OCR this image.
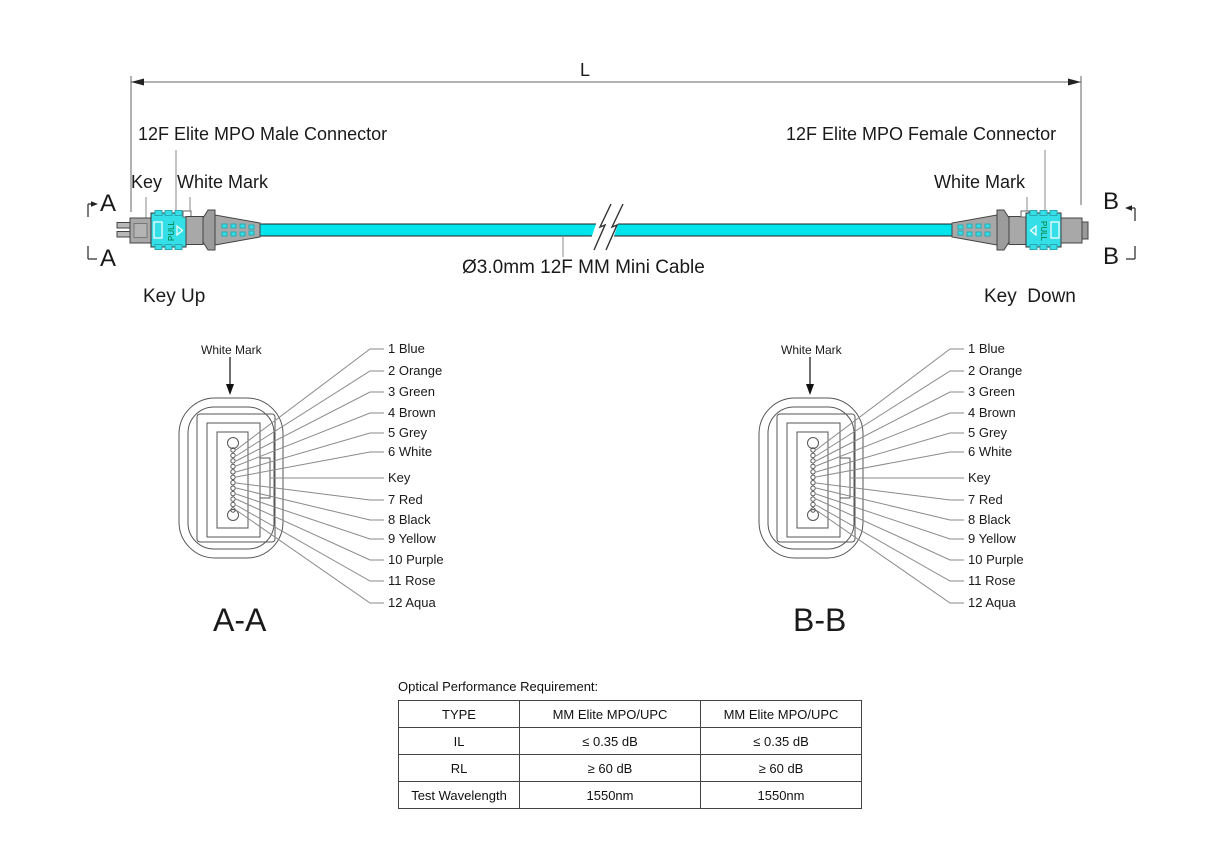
PULL	PULL
L
12F Elite MPO Male Connector	12F Elite MPO Female Connector
Key White Mark	White Mark
A
A
B
B
Key Up	Key  Down
Ø3.0mm 12F MM Mini Cable
White Mark	White Mark
A-A	B-B
1 Blue
2 Orange
3 Green
4 Brown
5 Grey
6 White
Key
7 Red
8 Black
9 Yellow
10 Purple
11 Rose
12 Aqua
1 Blue
2 Orange
3 Green
4 Brown
5 Grey
6 White
Key
7 Red
8 Black
9 Yellow
10 Purple
11 Rose
12 Aqua
Optical Performance Requirement:
TYPE	MM Elite MPO/UPC	MM Elite MPO/UPC
IL	≤ 0.35 dB	≤ 0.35 dB
RL	≥ 60 dB	≥ 60 dB
Test Wavelength	1550nm	1550nm
